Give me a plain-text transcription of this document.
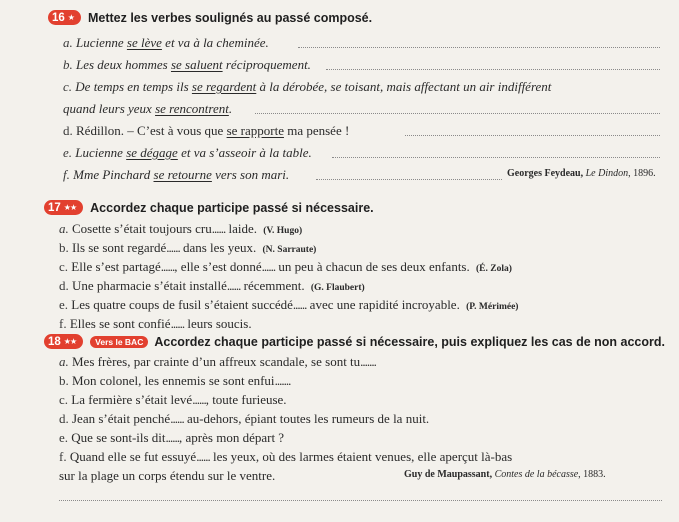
16 ★ Mettez les verbes soulignés au passé composé.
a. Lucienne se lève et va à la cheminée.
b. Les deux hommes se saluent réciproquement.
c. De temps en temps ils se regardent à la dérobée, se toisant, mais affectant un air indifférent
quand leurs yeux se rencontrent.
d. Rédillon. – C’est à vous que se rapporte ma pensée !
e. Lucienne se dégage et va s’asseoir à la table.
f. Mme Pinchard se retourne vers son mari.	Georges Feydeau, Le Dindon, 1896.
17 ★★ Accordez chaque participe passé si nécessaire.
a. Cosette s’était toujours cru...... laide. (V. Hugo)
b. Ils se sont regardé...... dans les yeux. (N. Sarraute)
c. Elle s’est partagé......, elle s’est donné...... un peu à chacun de ses deux enfants. (É. Zola)
d. Une pharmacie s’était installé...... récemment. (G. Flaubert)
e. Les quatre coups de fusil s’étaient succédé...... avec une rapidité incroyable. (P. Mérimée)
f. Elles se sont confié...... leurs soucis.
18 ★★	Vers le BAC Accordez chaque participe passé si nécessaire, puis expliquez les cas de non accord.
a. Mes frères, par crainte d’un affreux scandale, se sont tu.......
b. Mon colonel, les ennemis se sont enfui.......
c. La fermière s’était levé......, toute furieuse.
d. Jean s’était penché...... au-dehors, épiant toutes les rumeurs de la nuit.
e. Que se sont-ils dit......, après mon départ ?
f. Quand elle se fut essuyé...... les yeux, où des larmes étaient venues, elle aperçut là-bas
sur la plage un corps étendu sur le ventre.	Guy de Maupassant, Contes de la bécasse, 1883.
